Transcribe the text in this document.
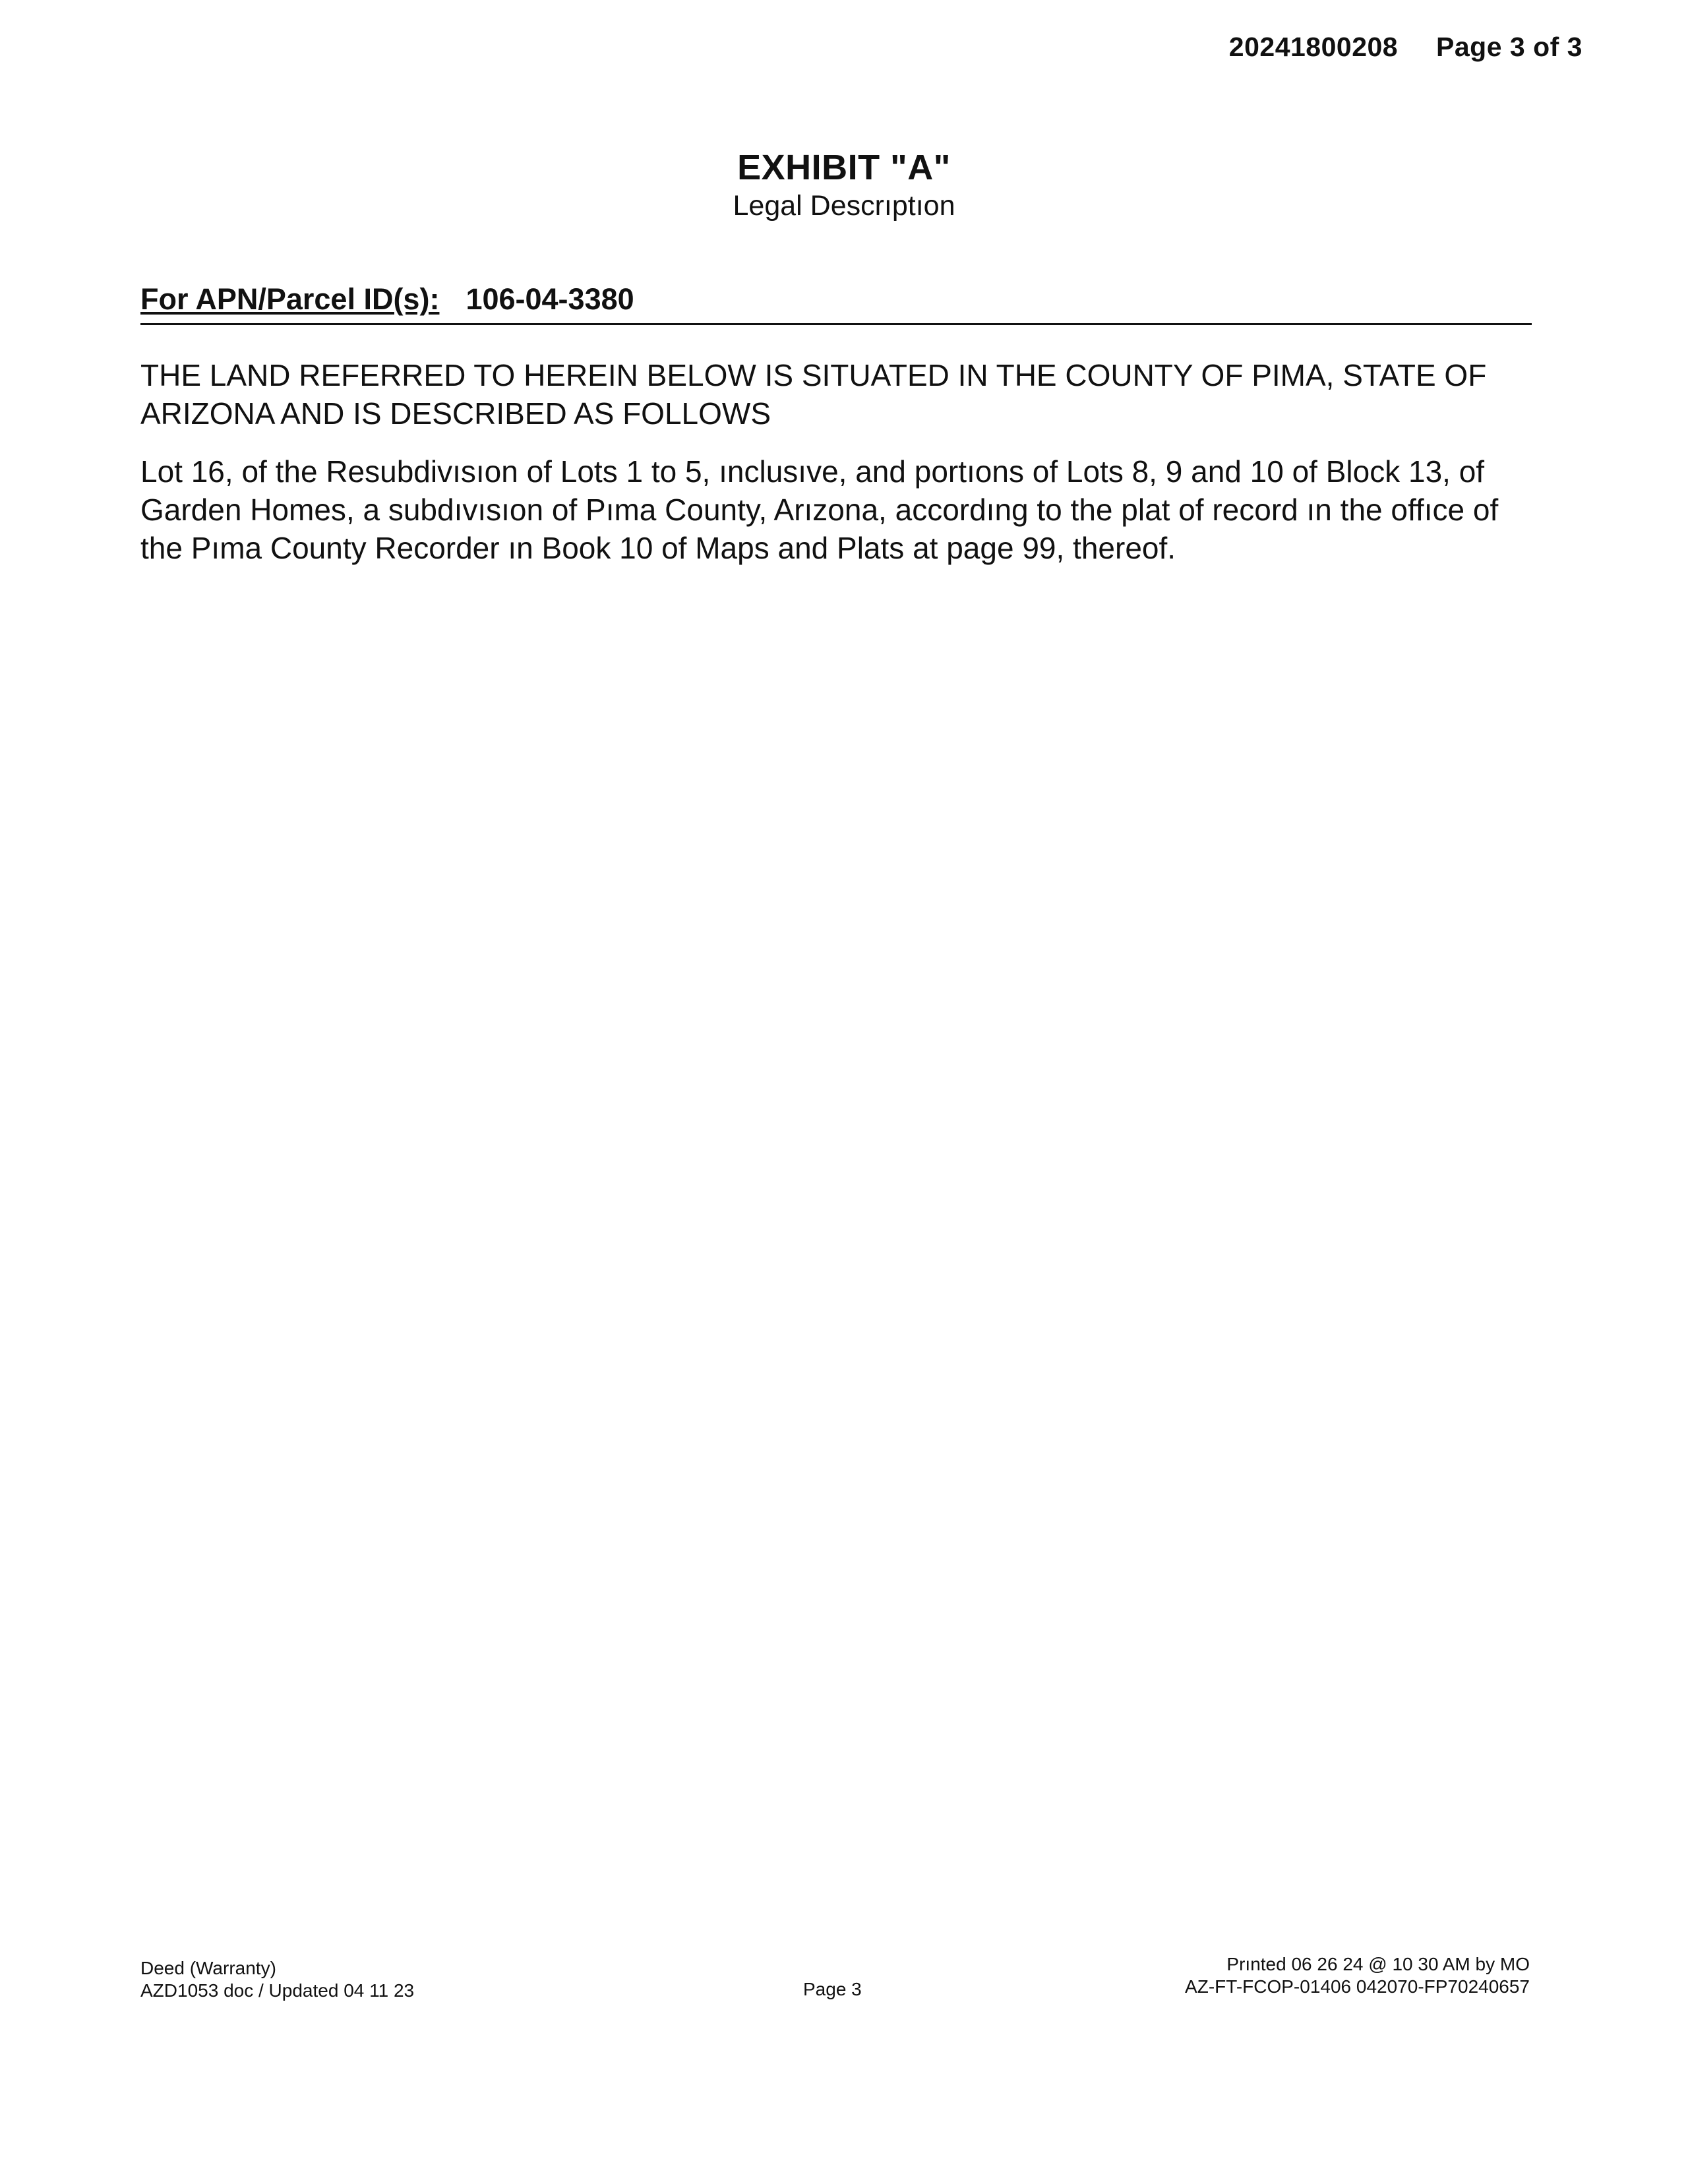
20241800208 Page 3 of 3
EXHIBIT "A"
Legal Descrıptıon
For APN/Parcel ID(s): 106-04-3380
THE LAND REFERRED TO HEREIN BELOW IS SITUATED IN THE COUNTY OF PIMA, STATE OF ARIZONA AND IS DESCRIBED AS FOLLOWS
Lot 16, of the Resubdivısıon of Lots 1 to 5, ınclusıve, and portıons of Lots 8, 9 and 10 of Block 13, of Garden Homes, a subdıvısıon of Pıma County, Arızona, accordıng to the plat of record ın the offıce of the Pıma County Recorder ın Book 10 of Maps and Plats at page 99, thereof.
Deed (Warranty)
AZD1053 doc / Updated 04 11 23	Page 3
Prınted 06 26 24 @ 10 30 AM by MO
AZ-FT-FCOP-01406 042070-FP70240657
